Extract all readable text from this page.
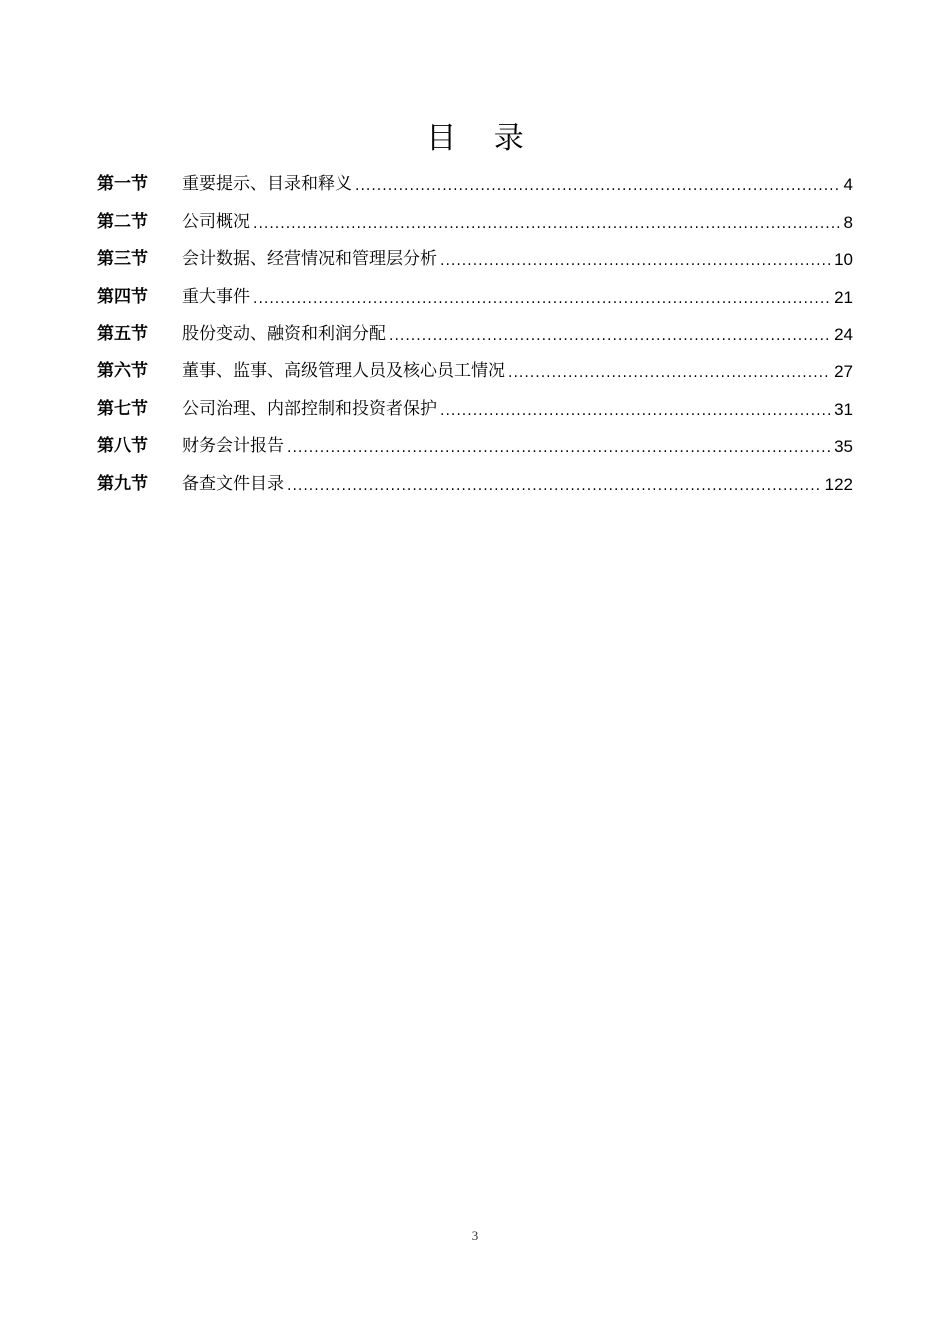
目 录
第一节	重要提示、目录和释义 .....	4
第二节	公司概况 .....	8
第三节	会计数据、经营情况和管理层分析 .....	10
第四节	重大事件 .....	21
第五节	股份变动、融资和利润分配 .....	24
第六节	董事、监事、高级管理人员及核心员工情况 .....	27
第七节	公司治理、内部控制和投资者保护 .....	31
第八节	财务会计报告 .....	35
第九节	备查文件目录 .....	122
3
